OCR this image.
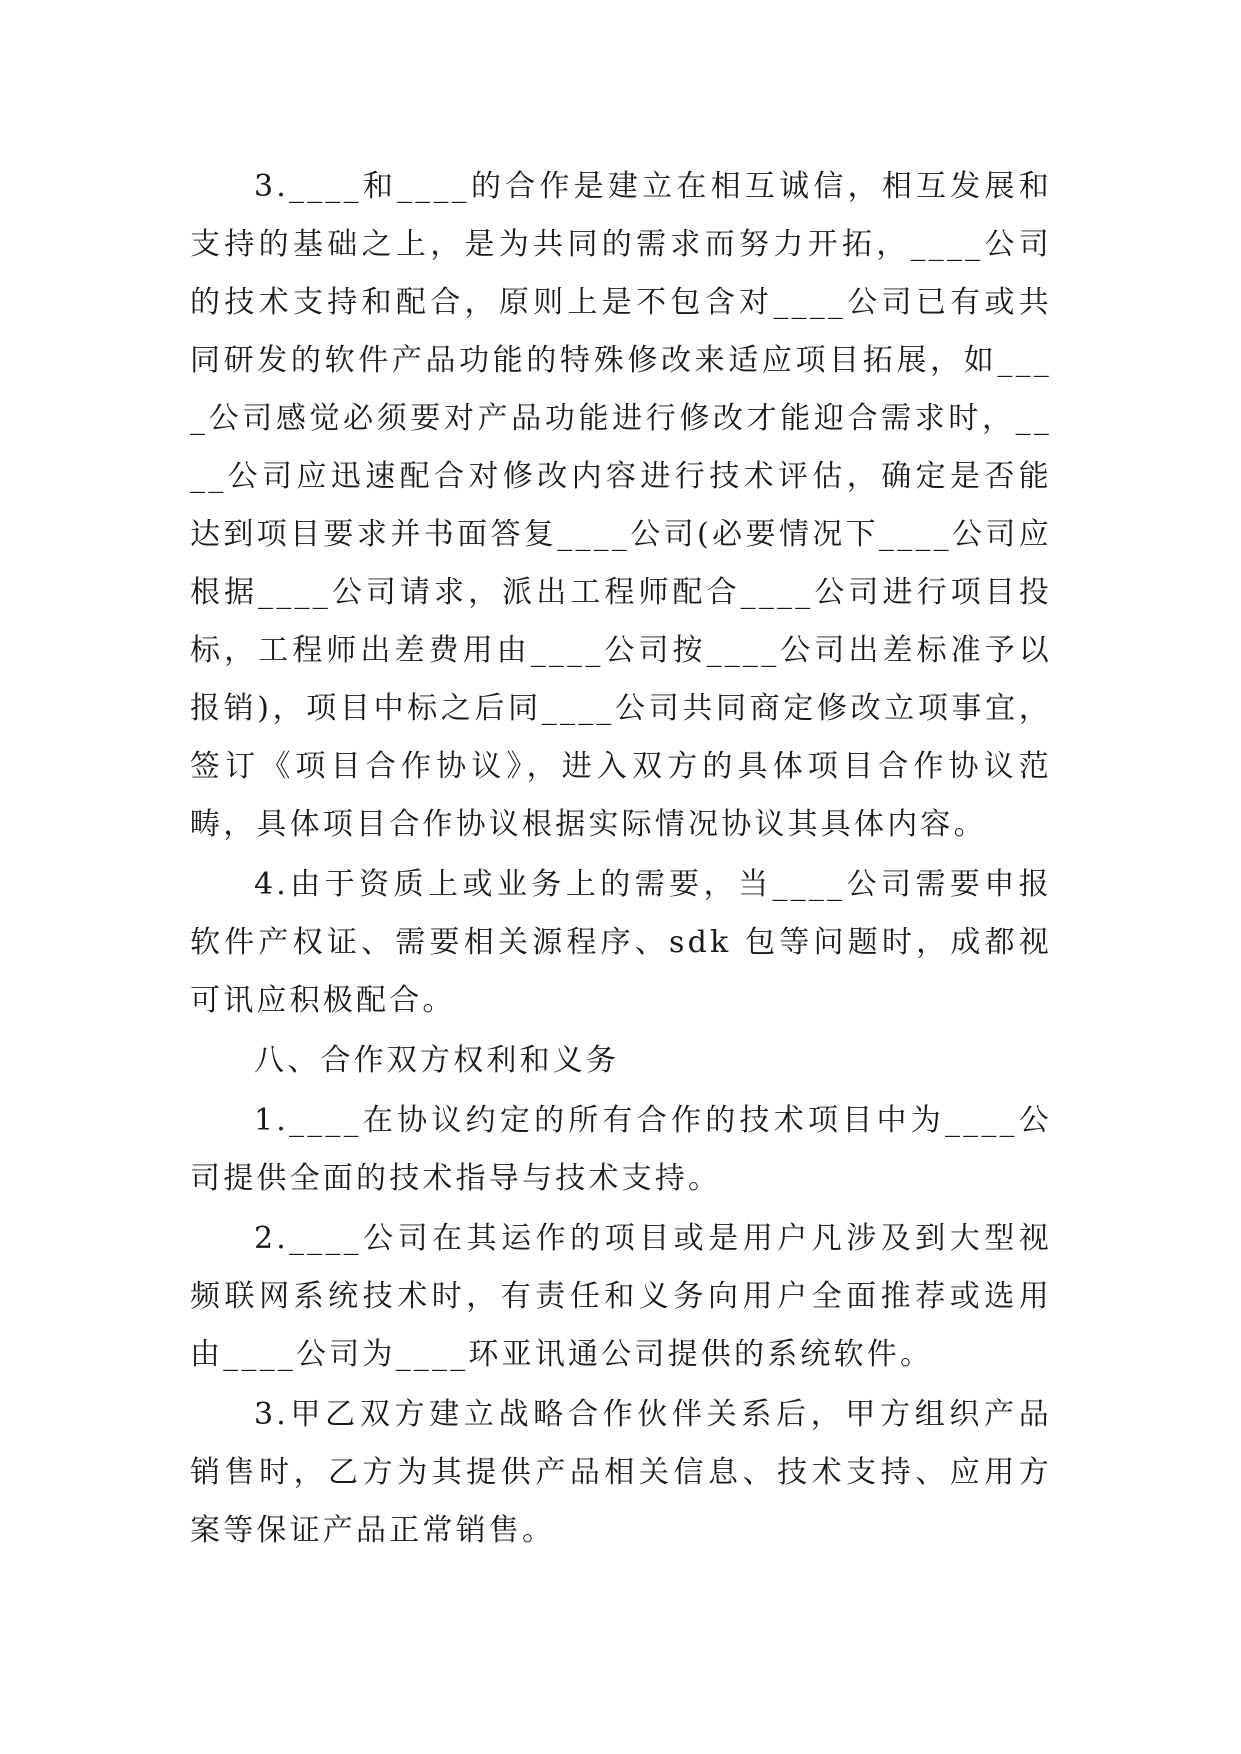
3.____和____的合作是建立在相互诚信，相互发展和支持的基础之上，是为共同的需求而努力开拓，____公司的技术支持和配合，原则上是不包含对____公司已有或共同研发的软件产品功能的特殊修改来适应项目拓展，如____公司感觉必须要对产品功能进行修改才能迎合需求时，____公司应迅速配合对修改内容进行技术评估，确定是否能达到项目要求并书面答复____公司(必要情况下____公司应根据____公司请求，派出工程师配合____公司进行项目投标，工程师出差费用由____公司按____公司出差标准予以报销)，项目中标之后同____公司共同商定修改立项事宜，签订《项目合作协议》，进入双方的具体项目合作协议范畴，具体项目合作协议根据实际情况协议其具体内容。

4.由于资质上或业务上的需要，当____公司需要申报软件产权证、需要相关源程序、sdk 包等问题时，成都视可讯应积极配合。

八、合作双方权利和义务

1.____在协议约定的所有合作的技术项目中为____公司提供全面的技术指导与技术支持。

2.____公司在其运作的项目或是用户凡涉及到大型视频联网系统技术时，有责任和义务向用户全面推荐或选用由____公司为____环亚讯通公司提供的系统软件。

3.甲乙双方建立战略合作伙伴关系后，甲方组织产品销售时，乙方为其提供产品相关信息、技术支持、应用方案等保证产品正常销售。
